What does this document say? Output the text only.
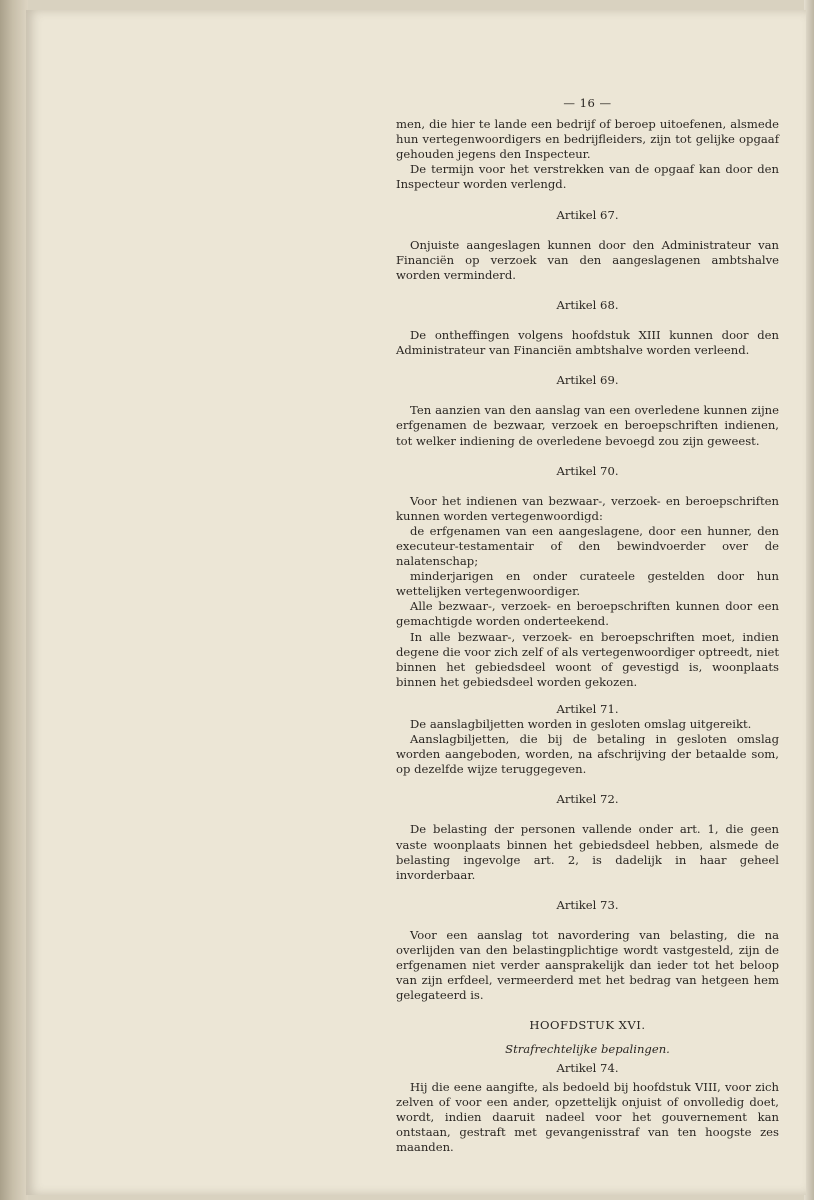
— 16 —

men, die hier te lande een bedrijf of beroep uitoefenen, alsmede hun vertegenwoordigers en bedrijfleiders, zijn tot gelijke opgaaf gehouden jegens den Inspecteur.

De termijn voor het verstrekken van de opgaaf kan door den Inspecteur worden verlengd.

Artikel 67.

Onjuiste aangeslagen kunnen door den Administrateur van Financiën op verzoek van den aangeslagenen ambtshalve worden verminderd.

Artikel 68.

De ontheffingen volgens hoofdstuk XIII kunnen door den Administrateur van Financiën ambtshalve worden verleend.

Artikel 69.

Ten aanzien van den aanslag van een overledene kunnen zijne erfgenamen de bezwaar, verzoek en beroepschriften indienen, tot welker indiening de overledene bevoegd zou zijn geweest.

Artikel 70.

Voor het indienen van bezwaar-, verzoek- en beroepschriften kunnen worden vertegenwoordigd:

de erfgenamen van een aangeslagene, door een hunner, den executeur-testamentair of den bewindvoerder over de nalatenschap;

minderjarigen en onder curateele gestelden door hun wettelijken vertegenwoordiger.

Alle bezwaar-, verzoek- en beroepschriften kunnen door een gemachtigde worden onderteekend.

In alle bezwaar-, verzoek- en beroepschriften moet, indien degene die voor zich zelf of als vertegenwoordiger optreedt, niet binnen het gebiedsdeel woont of gevestigd is, woonplaats binnen het gebiedsdeel worden gekozen.

Artikel 71.

De aanslagbiljetten worden in gesloten omslag uitgereikt.

Aanslagbiljetten, die bij de betaling in gesloten omslag worden aangeboden, worden, na afschrijving der betaalde som, op dezelfde wijze teruggegeven.

Artikel 72.

De belasting der personen vallende onder art. 1, die geen vaste woonplaats binnen het gebiedsdeel hebben, alsmede de belasting ingevolge art. 2, is dadelijk in haar geheel invorderbaar.

Artikel 73.

Voor een aanslag tot navordering van belasting, die na overlijden van den belastingplichtige wordt vastgesteld, zijn de erfgenamen niet verder aansprakelijk dan ieder tot het beloop van zijn erfdeel, vermeerderd met het bedrag van hetgeen hem gelegateerd is.

HOOFDSTUK XVI.
Strafrechtelijke bepalingen.
Artikel 74.

Hij die eene aangifte, als bedoeld bij hoofdstuk VIII, voor zich zelven of voor een ander, opzettelijk onjuist of onvolledig doet, wordt, indien daaruit nadeel voor het gouvernement kan ontstaan, gestraft met gevangenisstraf van ten hoogste zes maanden.
